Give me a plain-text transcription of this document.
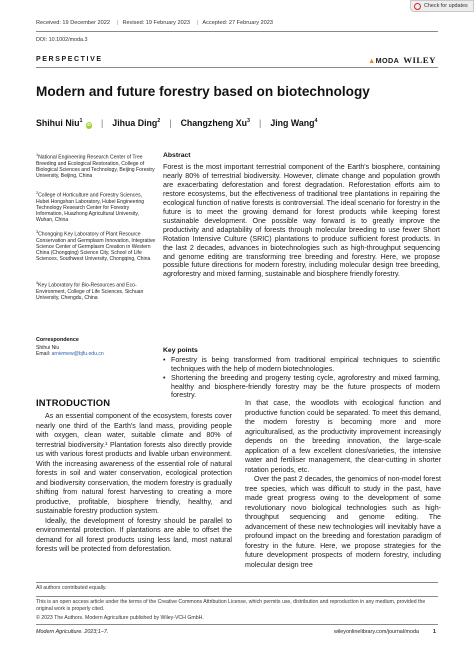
Check for updates
Received: 19 December 2022 | Revised: 19 February 2023 | Accepted: 27 February 2023
DOI: 10.1002/moda.3
PERSPECTIVE	▲MODA WILEY
Modern and future forestry based on biotechnology
Shihui Niu$^1$
iD | Jihua Ding$^2$ | Changzheng Xu$^3$ | Jing Wang$^4$
$^1$National Engineering Research Center of Tree Breeding and Ecological Restoration, College of Biological Sciences and Technology, Beijing Forestry University, Beijing, China
$^2$College of Horticulture and Forestry Sciences, Hubei Hongshan Laboratory, Hubei Engineering Technology Research Center for Forestry Information, Huazhong Agricultural University, Wuhan, China
$^3$Chongqing Key Laboratory of Plant Resource Conservation and Germplasm Innovation, Integrative Science Center of Germplasm Creation in Western China (Chongqing) Science City, School of Life Sciences, Southwest University, Chongqing, China
$^4$Key Laboratory for Bio-Resources and Eco-Environment, College of Life Sciences, Sichuan University, Chengdu, China
Correspondence
Shihui Niu
Email: arniemew@bjfu.edu.cn
Abstract
Forest is the most important terrestrial component of the Earth's biosphere, containing nearly 80% of terrestrial biodiversity. However, climate change and population growth are exacerbating deforestation and forest degradation. Reforestation efforts aim to restore ecosystems, but the effectiveness of traditional tree plantations in repairing the ecological function of native forests is controversial. The ideal scenario for forestry in the future is to meet the growing demand for forest products while keeping forest sustainable development. One possible way forward is to greatly improve the productivity and adaptability of forests through molecular breeding to use fewer Short Rotation Intensive Culture (SRIC) plantations to produce sufficient forest products. In the last 2 decades, advances in biotechnologies such as high-throughput sequencing and genome editing are transforming tree breeding and forestry. Here, we propose possible future directions for modern forestry, including molecular design tree breeding, agroforestry and mixed farming, sustainable and biosphere friendly forestry.
Key points
• Forestry is being transformed from traditional empirical techniques to scientific techniques with the help of modern biotechnologies.
• Shortening the breeding and progeny testing cycle, agroforestry and mixed farming, healthy and biosphere-friendly forestry may be the future prospects of modern forestry.
INTRODUCTION

As an essential component of the ecosystem, forests cover nearly one third of the Earth's land mass, providing people with oxygen, clean water, suitable climate and 80% of terrestrial biodiversity.¹ Plantation forests also directly provide us with various forest products and livable urban environment. With the increasing awareness of the essential role of natural forests in soil and water conservation, ecological protection and biodiversity conservation, the modern forestry is gradually shifting from natural forest harvesting to creating a more productive, profitable, biosphere friendly, healthy, and sustainable forestry production system.

Ideally, the development of forestry should be parallel to environmental protection. If plantations are able to offset the demand for all forest products using less land, most natural forests will be protected from deforestation.

In that case, the woodlots with ecological function and productive function could be separated. To meet this demand, the modern forestry is becoming more and more agriculturalised, as the productivity improvement increasingly depends on the breeding innovation, the large-scale application of a few excellent clones/varieties, the intensive water and fertiliser management, the clear-cutting in shorter rotation periods, etc.

Over the past 2 decades, the genomics of non-model forest tree species, which was difficult to study in the past, have made great progress owing to the development of some revolutionary novo biological technologies such as high-throughput sequencing and genome editing. The advancement of these new technologies will inevitably have a profound impact on the breeding and forestation paradigm of forestry in the future. Here, we propose strategies for the future development prospects of modern forestry, including molecular design tree

All authors contributed equally.
This is an open access article under the terms of the Creative Commons Attribution License, which permits use, distribution and reproduction in any medium, provided the original work is properly cited.
© 2023 The Authors. Modern Agriculture published by Wiley-VCH GmbH.
Modern Agriculture. 2023;1–7.	wileyonlinelibrary.com/journal/moda	1
